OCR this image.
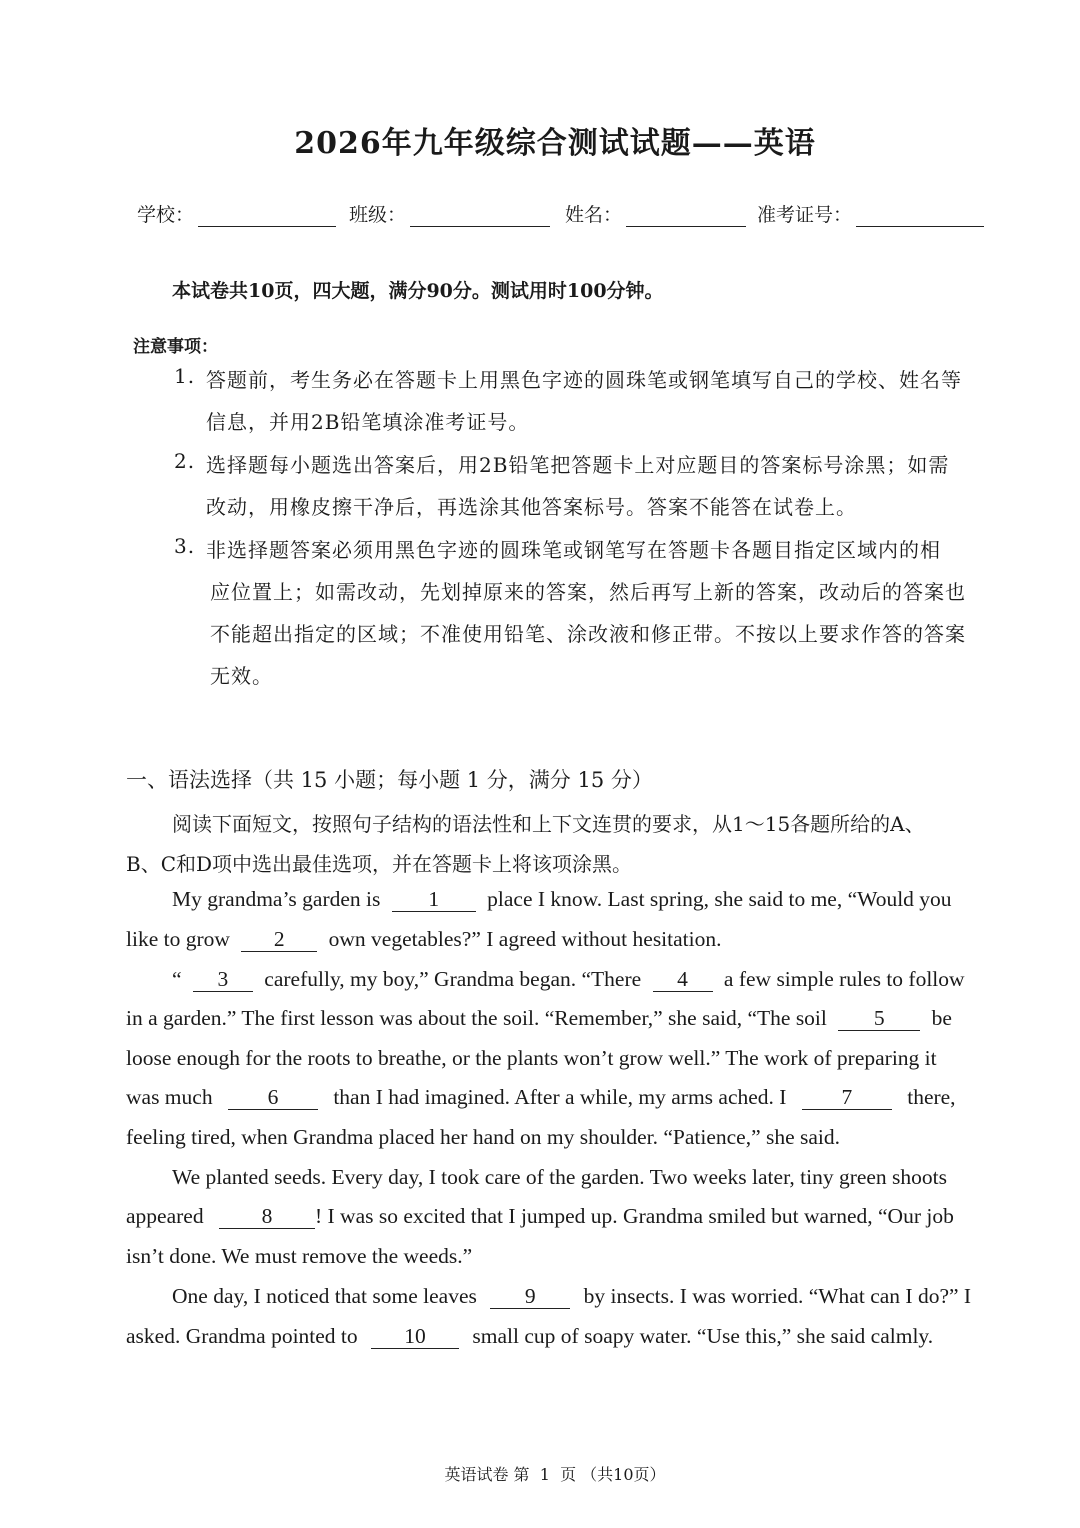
2026年九年级综合测试试题——英语
学校：	班级：	姓名：	准考证号：
本试卷共10页，四大题，满分90分。测试用时100分钟。
注意事项：
1. 答题前，考生务必在答题卡上用黑色字迹的圆珠笔或钢笔填写自己的学校、姓名等
信息，并用2B铅笔填涂准考证号。
2. 选择题每小题选出答案后，用2B铅笔把答题卡上对应题目的答案标号涂黑；如需
改动，用橡皮擦干净后，再选涂其他答案标号。答案不能答在试卷上。
3. 非选择题答案必须用黑色字迹的圆珠笔或钢笔写在答题卡各题目指定区域内的相
应位置上；如需改动，先划掉原来的答案，然后再写上新的答案，改动后的答案也
不能超出指定的区域；不准使用铅笔、涂改液和修正带。不按以上要求作答的答案
无效。
一、语法选择（共 15 小题；每小题 1 分，满分 15 分）
阅读下面短文，按照句子结构的语法性和上下文连贯的要求，从1～15各题所给的A、
B、C和D项中选出最佳选项，并在答题卡上将该项涂黑。
My grandma’s garden is 1 place I know. Last spring, she said to me, “Would you
like to grow 2 own vegetables?” I agreed without hesitation.
“ 3 carefully, my boy,” Grandma began. “There 4 a few simple rules to follow
in a garden.” The first lesson was about the soil. “Remember,” she said, “The soil 5 be
loose enough for the roots to breathe, or the plants won’t grow well.” The work of preparing it
was much	6	than I had imagined. After a while, my arms ached. I	7	there,
feeling tired, when Grandma placed her hand on my shoulder. “Patience,” she said.
We planted seeds. Every day, I took care of the garden. Two weeks later, tiny green shoots
appeared	8 ! I was so excited that I jumped up. Grandma smiled but warned, “Our job
isn’t done. We must remove the weeds.”
One day, I noticed that some leaves 9 by insects. I was worried. “What can I do?” I
asked. Grandma pointed to 10 small cup of soapy water. “Use this,” she said calmly.
英语试卷 第  1  页 （共10页）
